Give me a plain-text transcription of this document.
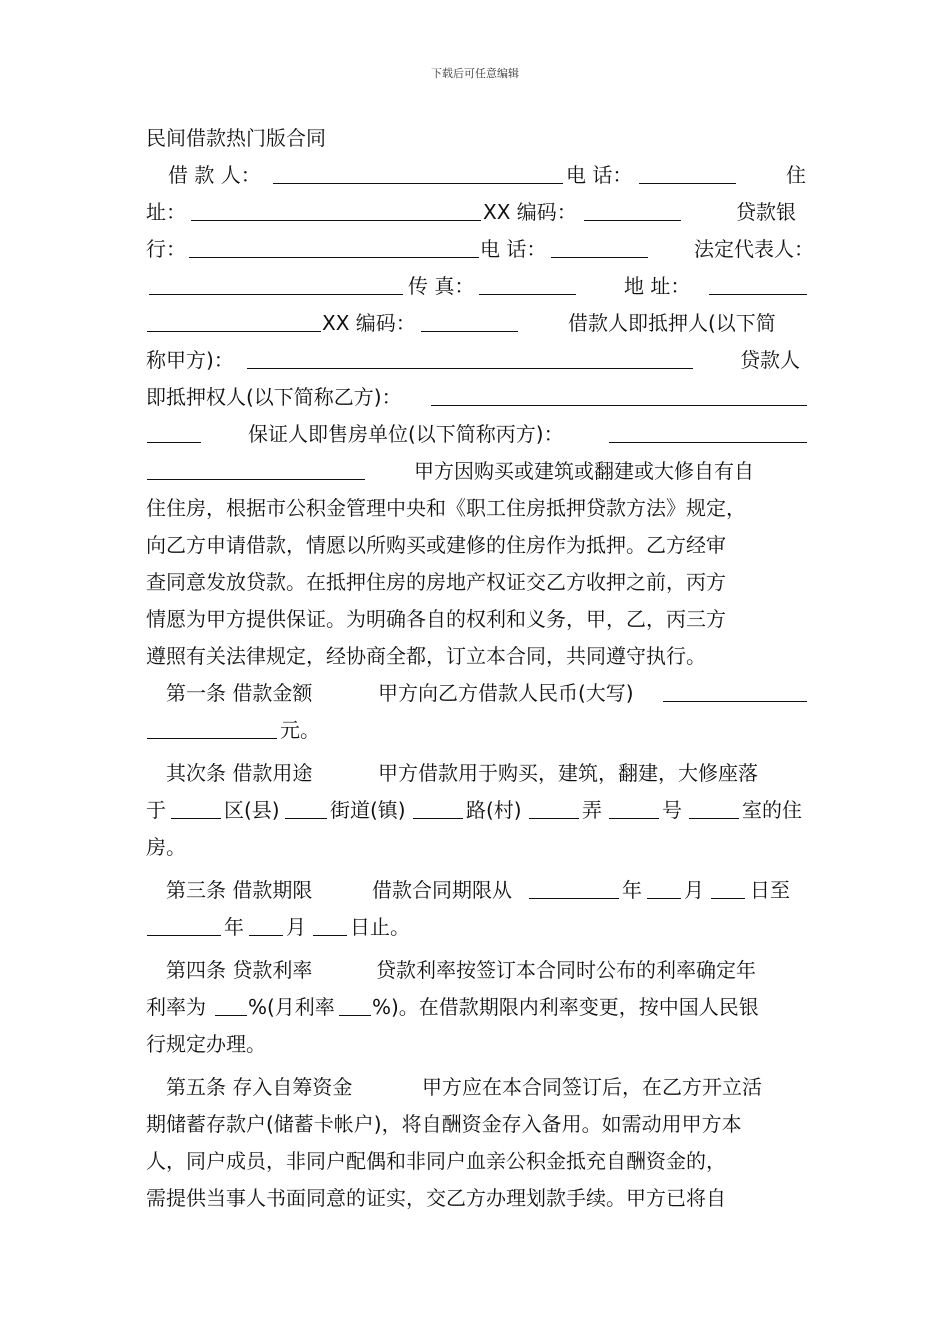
下载后可任意编辑
民间借款热门版合同
借 款 人：	电 话：	住
址：	XX 编码：	贷款银
行：	电 话：	法定代表人：
传 真：	地 址：
XX 编码：	借款人即抵押人(以下简
称甲方)：	贷款人
即抵押权人(以下简称乙方)：
保证人即售房单位(以下简称丙方)：
甲方因购买或建筑或翻建或大修自有自
住住房，根据市公积金管理中央和《职工住房抵押贷款方法》规定，
向乙方申请借款，情愿以所购买或建修的住房作为抵押。乙方经审
查同意发放贷款。在抵押住房的房地产权证交乙方收押之前，丙方
情愿为甲方提供保证。为明确各自的权利和义务，甲，乙，丙三方
遵照有关法律规定，经协商全都，订立本合同，共同遵守执行。
第一条 借款金额	甲方向乙方借款人民币(大写)
元。
其次条 借款用途	甲方借款用于购买，建筑，翻建，大修座落
于	区(县)	街道(镇)	路(村)	弄	号	室的住
房。
第三条 借款期限	借款合同期限从	年 月 日至
年 月 日止。
第四条 贷款利率	贷款利率按签订本合同时公布的利率确定年
利率为 %(月利率 %)。在借款期限内利率变更，按中国人民银
行规定办理。
第五条 存入自筹资金	甲方应在本合同签订后，在乙方开立活
期储蓄存款户(储蓄卡帐户)，将自酬资金存入备用。如需动用甲方本
人，同户成员，非同户配偶和非同户血亲公积金抵充自酬资金的，
需提供当事人书面同意的证实，交乙方办理划款手续。甲方已将自
